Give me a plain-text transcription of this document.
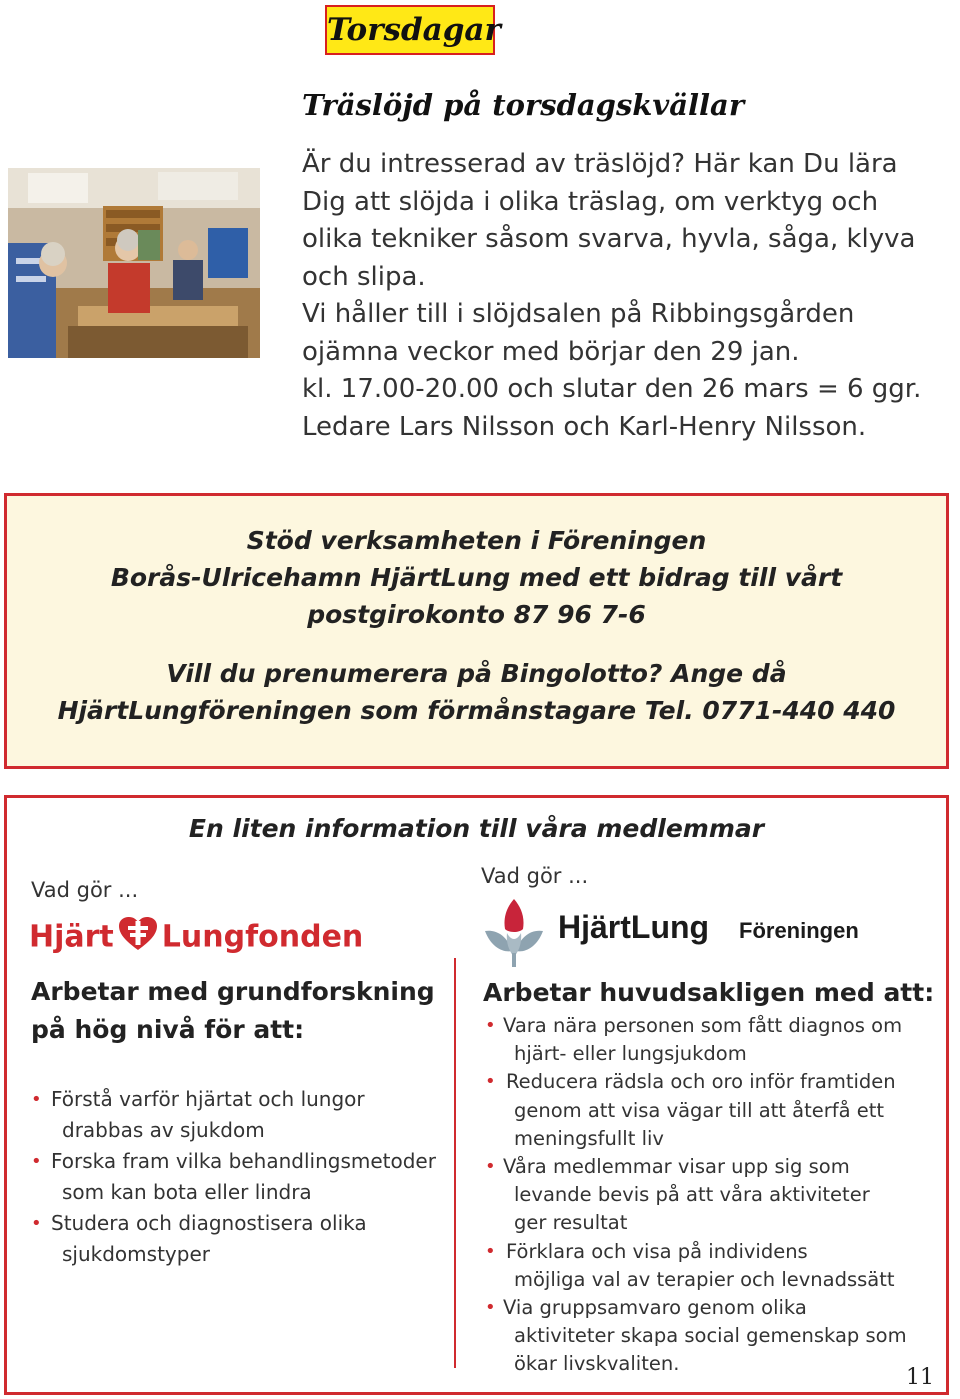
Torsdagar
Träslöjd på torsdagskvällar
Är du intresserad av träslöjd? Här kan Du lära
Dig att slöjda i olika träslag, om verktyg och
olika tekniker såsom svarva, hyvla, såga, klyva
och slipa.
Vi håller till i slöjdsalen på Ribbingsgården
ojämna veckor med börjar den 29 jan.
kl. 17.00-20.00 och slutar den 26 mars = 6 ggr.
Ledare Lars Nilsson och Karl-Henry Nilsson.
Stöd verksamheten i Föreningen
Borås-Ulricehamn HjärtLung med ett bidrag till vårt
postgirokonto 87 96 7-6
Vill du prenumerera på Bingolotto? Ange då
HjärtLungföreningen som förmånstagare Tel. 0771-440 440
En liten information till våra medlemmar
Vad gör ...
Hjärt Lungfonden
Arbetar med grundforskning
på hög nivå för att:
• Förstå varför hjärtat och lungor
drabbas av sjukdom
• Forska fram vilka behandlingsmetoder
som kan bota eller lindra
• Studera och diagnostisera olika
sjukdomstyper
Vad gör ...
HjärtLung Föreningen
Arbetar huvudsakligen med att:
• Vara nära personen som fått diagnos om
hjärt- eller lungsjukdom
• Reducera rädsla och oro inför framtiden
genom att visa vägar till att återfå ett
meningsfullt liv
• Våra medlemmar visar upp sig som
levande bevis på att våra aktiviteter
ger resultat
• Förklara och visa på individens
möjliga val av terapier och levnadssätt
• Via gruppsamvaro genom olika
aktiviteter skapa social gemenskap som
ökar livskvaliten.
11
